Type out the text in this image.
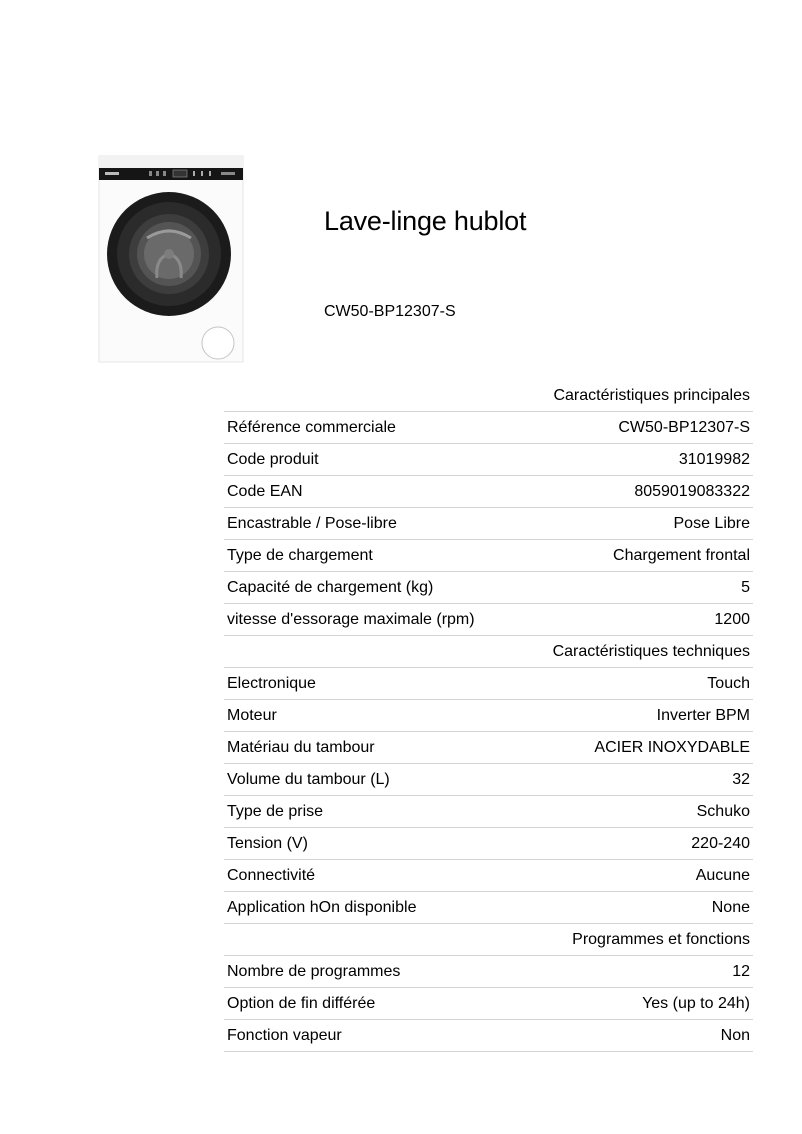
Lave-linge hublot
CW50-BP12307-S
Caractéristiques principales	
Référence commerciale	CW50-BP12307-S
Code produit	31019982
Code EAN	8059019083322
Encastrable / Pose-libre	Pose Libre
Type de chargement	Chargement frontal
Capacité de chargement (kg)	5
vitesse d'essorage maximale (rpm)	1200
Caractéristiques techniques	
Electronique	Touch
Moteur	Inverter BPM
Matériau du tambour	ACIER INOXYDABLE
Volume du tambour (L)	32
Type de prise	Schuko
Tension (V)	220-240
Connectivité	Aucune
Application hOn disponible	None
Programmes et fonctions	
Nombre de programmes	12
Option de fin différée	Yes (up to 24h)
Fonction vapeur	Non
